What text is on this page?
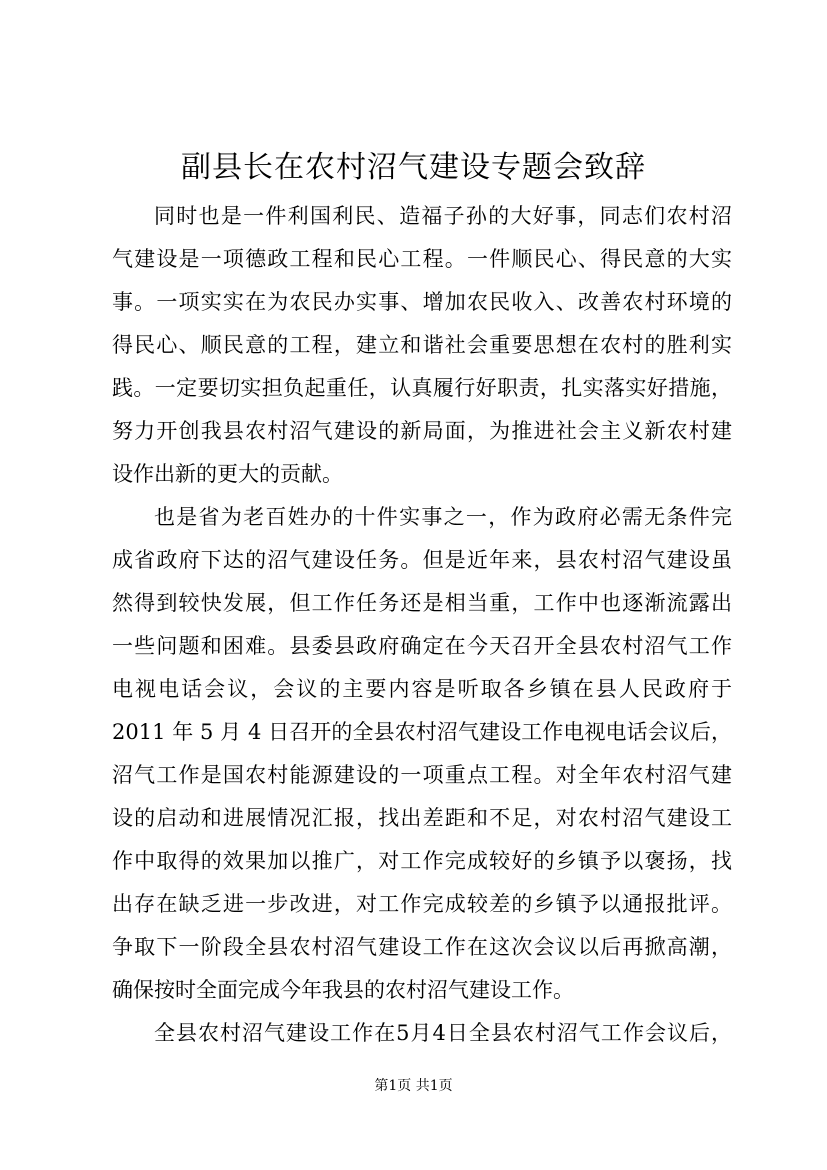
副县长在农村沼气建设专题会致辞
同时也是一件利国利民、造福子孙的大好事，同志们农村沼
气建设是一项德政工程和民心工程。一件顺民心、得民意的大实
事。一项实实在为农民办实事、增加农民收入、改善农村环境的
得民心、顺民意的工程，建立和谐社会重要思想在农村的胜利实
践。一定要切实担负起重任，认真履行好职责，扎实落实好措施，
努力开创我县农村沼气建设的新局面，为推进社会主义新农村建
设作出新的更大的贡献。
也是省为老百姓办的十件实事之一，作为政府必需无条件完
成省政府下达的沼气建设任务。但是近年来，县农村沼气建设虽
然得到较快发展，但工作任务还是相当重，工作中也逐渐流露出
一些问题和困难。县委县政府确定在今天召开全县农村沼气工作
电视电话会议，会议的主要内容是听取各乡镇在县人民政府于
2011 年 5 月 4 日召开的全县农村沼气建设工作电视电话会议后，
沼气工作是国农村能源建设的一项重点工程。对全年农村沼气建
设的启动和进展情况汇报，找出差距和不足，对农村沼气建设工
作中取得的效果加以推广，对工作完成较好的乡镇予以褒扬，找
出存在缺乏进一步改进，对工作完成较差的乡镇予以通报批评。
争取下一阶段全县农村沼气建设工作在这次会议以后再掀高潮，
确保按时全面完成今年我县的农村沼气建设工作。
全县农村沼气建设工作在5月4日全县农村沼气工作会议后，
第1页 共1页
